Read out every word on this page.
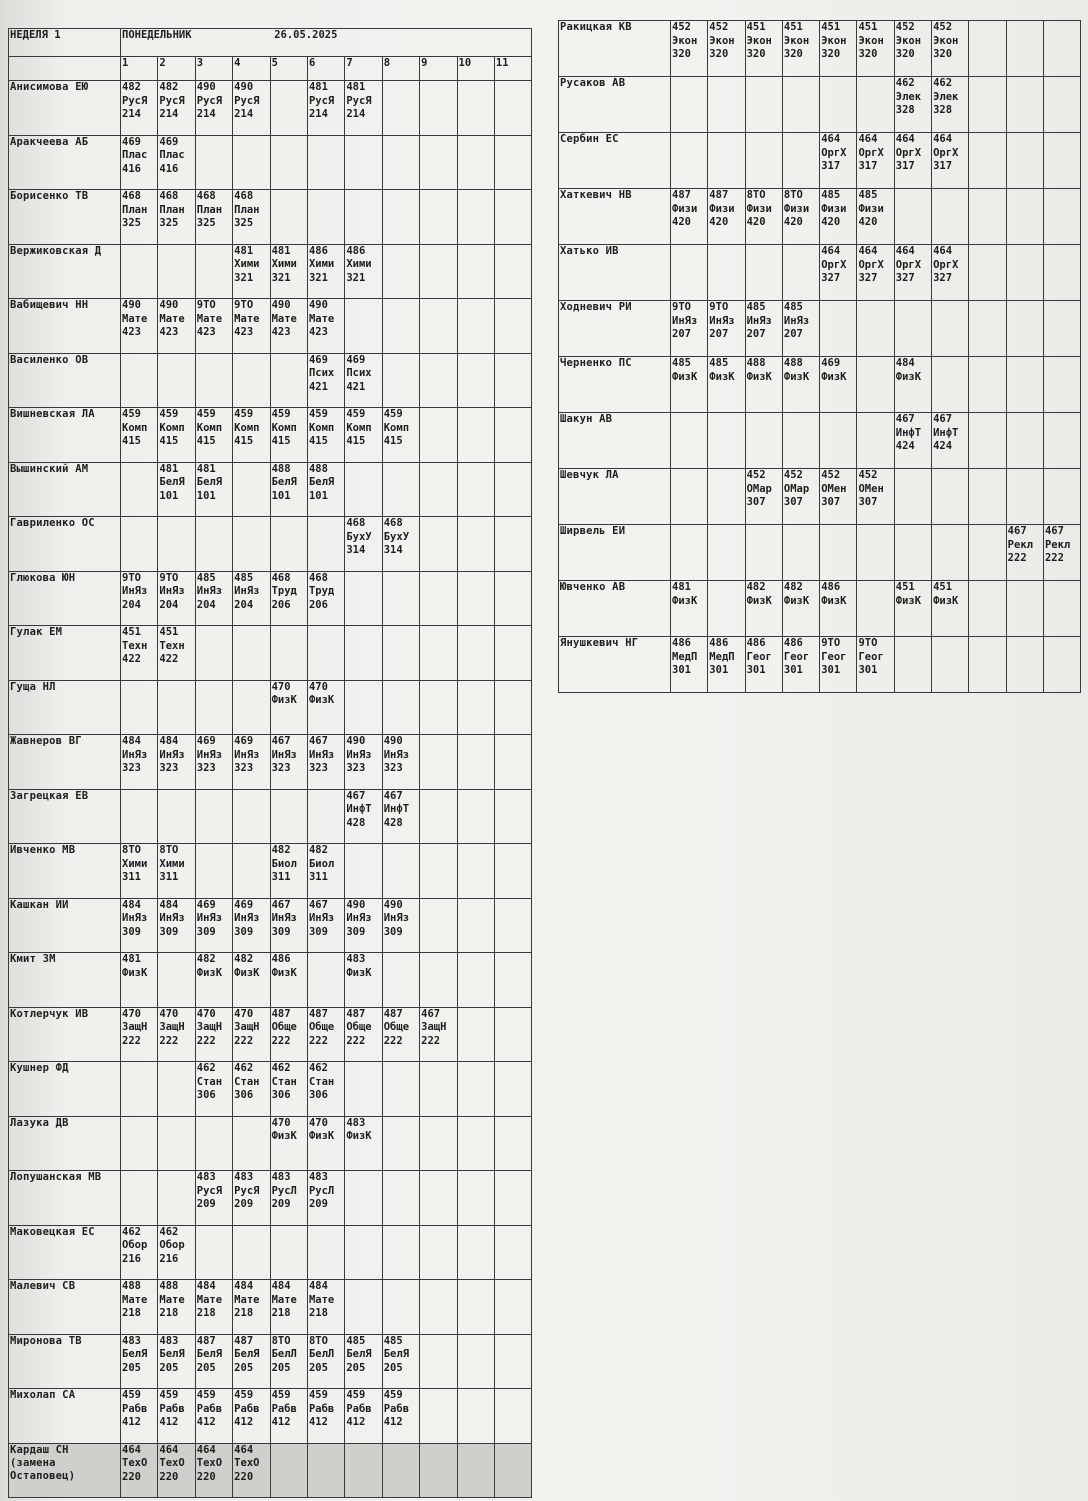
НЕДЕЛЯ 1	ПОНЕДЕЛЬНИК 26.05.2025										
	1	2	3	4	5	6	7	8	9	10	11
Анисимова ЕЮ	482
РусЯ
214	482
РусЯ
214	490
РусЯ
214	490
РусЯ
214		481
РусЯ
214	481
РусЯ
214				

Аракчеева АБ	469
Плас
416	469
Плас
416									

Борисенко ТВ	468
План
325	468
План
325	468
План
325	468
План
325							

Вержиковская Д				481
Хими
321	481
Хими
321	486
Хими
321	486
Хими
321				

Вабищевич НН	490
Мате
423	490
Мате
423	9ТО
Мате
423	9ТО
Мате
423	490
Мате
423	490
Мате
423					

Василенко ОВ						469
Псих
421	469
Псих
421				

Вишневская ЛА	459
Комп
415	459
Комп
415	459
Комп
415	459
Комп
415	459
Комп
415	459
Комп
415	459
Комп
415	459
Комп
415			

Вышинский АМ		481
БелЯ
101	481
БелЯ
101		488
БелЯ
101	488
БелЯ
101					

Гавриленко ОС							468
БухУ
314	468
БухУ
314			

Глюкова ЮН	9ТО
ИнЯз
204	9ТО
ИнЯз
204	485
ИнЯз
204	485
ИнЯз
204	468
Труд
206	468
Труд
206					

Гулак ЕМ	451
Техн
422	451
Техн
422									

Гуща НЛ					470
ФизК	470
ФизК					

Жавнеров ВГ	484
ИнЯз
323	484
ИнЯз
323	469
ИнЯз
323	469
ИнЯз
323	467
ИнЯз
323	467
ИнЯз
323	490
ИнЯз
323	490
ИнЯз
323			

Загрецкая ЕВ							467
ИнфТ
428	467
ИнфТ
428			

Ивченко МВ	8ТО
Хими
311	8ТО
Хими
311			482
Биол
311	482
Биол
311					

Кашкан ИИ	484
ИнЯз
309	484
ИнЯз
309	469
ИнЯз
309	469
ИнЯз
309	467
ИнЯз
309	467
ИнЯз
309	490
ИнЯз
309	490
ИнЯз
309			

Кмит ЗМ	481
ФизК		482
ФизК	482
ФизК	486
ФизК		483
ФизК				

Котлерчук ИВ	470
ЗащН
222	470
ЗащН
222	470
ЗащН
222	470
ЗащН
222	487
Обще
222	487
Обще
222	487
Обще
222	487
Обще
222	467
ЗащН
222		

Кушнер ФД			462
Стан
306	462
Стан
306	462
Стан
306	462
Стан
306					

Лазука ДВ					470
ФизК	470
ФизК	483
ФизК				

Лопушанская МВ			483
РусЯ
209	483
РусЯ
209	483
РусЛ
209	483
РусЛ
209					

Маковецкая ЕС	462
Обор
216	462
Обор
216									

Малевич СВ	488
Мате
218	488
Мате
218	484
Мате
218	484
Мате
218	484
Мате
218	484
Мате
218					

Миронова ТВ	483
БелЯ
205	483
БелЯ
205	487
БелЯ
205	487
БелЯ
205	8ТО
БелЛ
205	8ТО
БелЛ
205	485
БелЯ
205	485
БелЯ
205			

Михолап СА	459
Рабв
412	459
Рабв
412	459
Рабв
412	459
Рабв
412	459
Рабв
412	459
Рабв
412	459
Рабв
412	459
Рабв
412			

Кардаш СН (замена Остаповец)	464
ТехО
220	464
ТехО
220	464
ТехО
220	464
ТехО
220							

Ракицкая КВ	452
Экон
320	452
Экон
320	451
Экон
320	451
Экон
320	451
Экон
320	451
Экон
320	452
Экон
320	452
Экон
320			

Русаков АВ							462
Элек
328	462
Элек
328			

Сербин ЕС					464
ОргХ
317	464
ОргХ
317	464
ОргХ
317	464
ОргХ
317			

Хаткевич НВ	487
Физи
420	487
Физи
420	8ТО
Физи
420	8ТО
Физи
420	485
Физи
420	485
Физи
420					

Хатько ИВ					464
ОргХ
327	464
ОргХ
327	464
ОргХ
327	464
ОргХ
327			

Ходневич РИ	9ТО
ИнЯз
207	9ТО
ИнЯз
207	485
ИнЯз
207	485
ИнЯз
207							

Черненко ПС	485
ФизК	485
ФизК	488
ФизК	488
ФизК	469
ФизК		484
ФизК				

Шакун АВ							467
ИнфТ
424	467
ИнфТ
424			

Шевчук ЛА			452
ОМар
307	452
ОМар
307	452
ОМен
307	452
ОМен
307					

Ширвель ЕИ										467
Рекл
222	467
Рекл
222

Ювченко АВ	481
ФизК		482
ФизК	482
ФизК	486
ФизК		451
ФизК	451
ФизК			

Янушкевич НГ	486
МедП
301	486
МедП
301	486
Геог
301	486
Геог
301	9ТО
Геог
301	9ТО
Геог
301					
